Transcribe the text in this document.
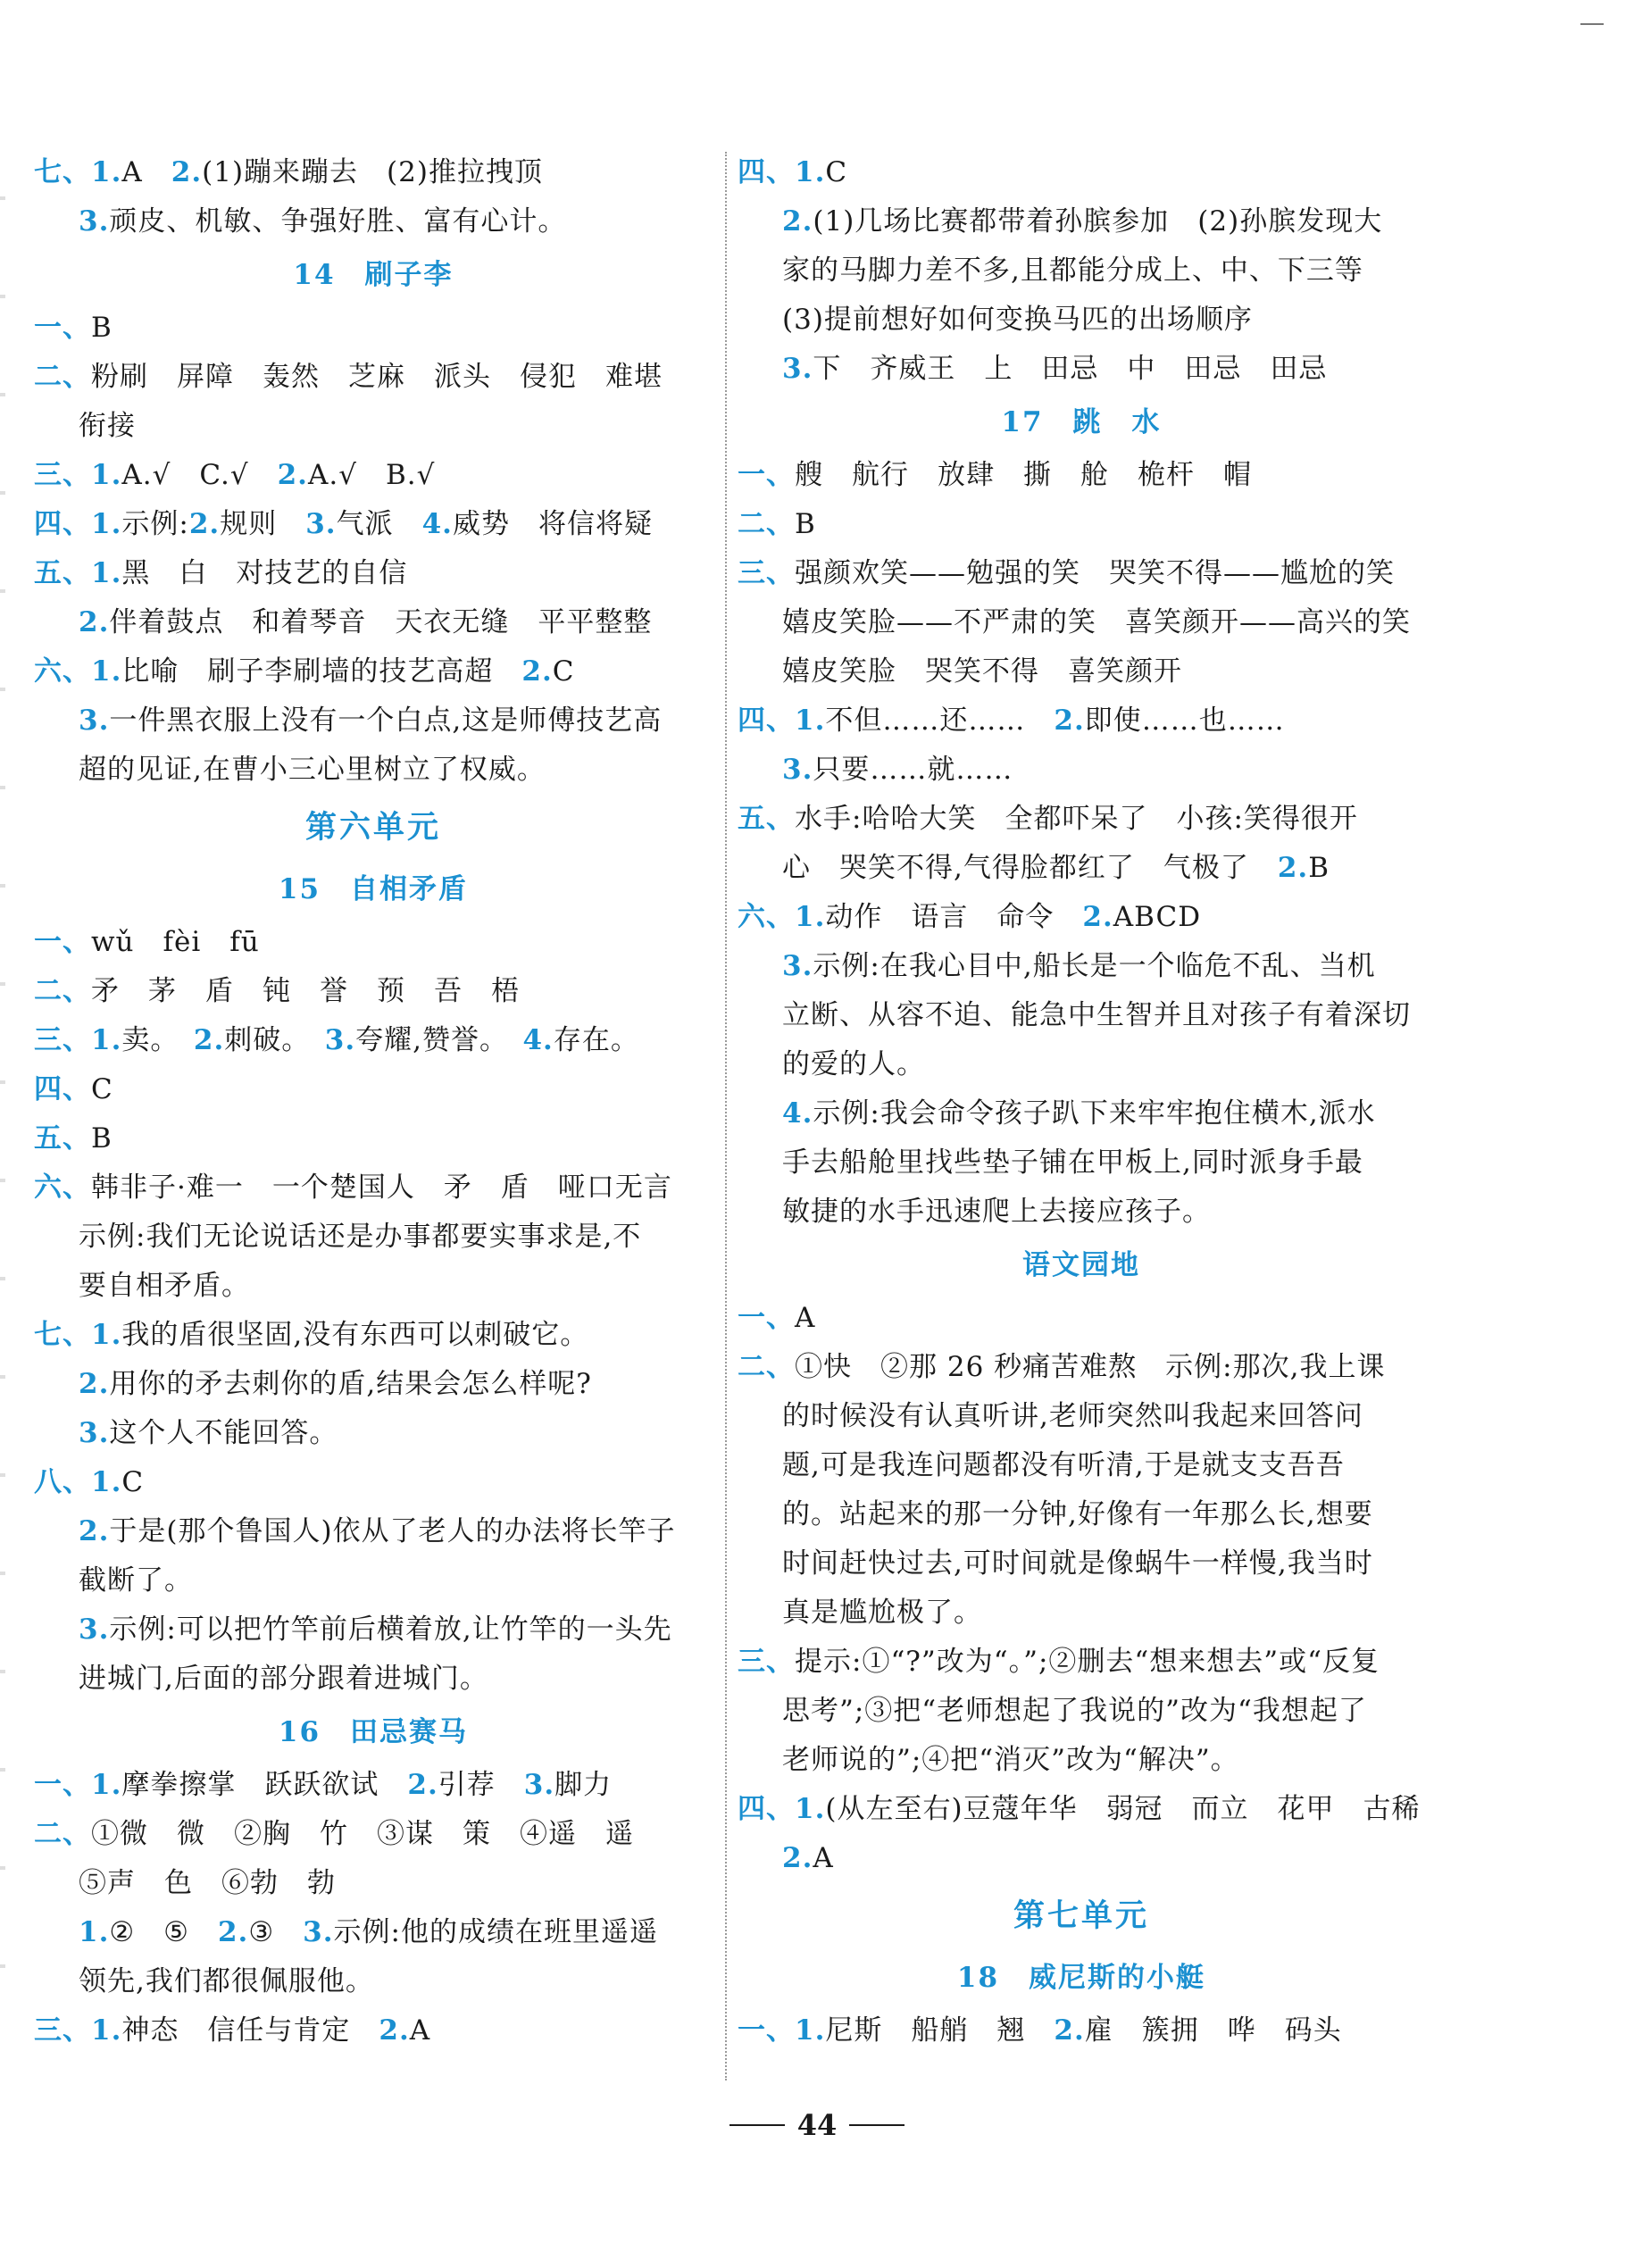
七、1.A　2.(1)蹦来蹦去　(2)推拉拽顶
3.顽皮、机敏、争强好胜、富有心计。
14　刷子李
一、B
二、粉刷　屏障　轰然　芝麻　派头　侵犯　难堪
衔接
三、1.A.√　C.√　2.A.√　B.√
四、1.示例:2.规则　3.气派　4.威势　将信将疑
五、1.黑　白　对技艺的自信
2.伴着鼓点　和着琴音　天衣无缝　平平整整
六、1.比喻　刷子李刷墙的技艺高超　2.C
3.一件黑衣服上没有一个白点,这是师傅技艺高
超的见证,在曹小三心里树立了权威。
第六单元
15　自相矛盾
一、wǔ　fèi　fū
二、矛　茅　盾　钝　誉　预　吾　梧
三、1.卖。　2.刺破。　3.夸耀,赞誉。　4.存在。
四、C
五、B
六、韩非子·难一　一个楚国人　矛　盾　哑口无言
示例:我们无论说话还是办事都要实事求是,不
要自相矛盾。
七、1.我的盾很坚固,没有东西可以刺破它。
2.用你的矛去刺你的盾,结果会怎么样呢?
3.这个人不能回答。
八、1.C
2.于是(那个鲁国人)依从了老人的办法将长竿子
截断了。
3.示例:可以把竹竿前后横着放,让竹竿的一头先
进城门,后面的部分跟着进城门。
16　田忌赛马
一、1.摩拳擦掌　跃跃欲试　2.引荐　3.脚力
二、①微　微　②胸　竹　③谋　策　④遥　遥
⑤声　色　⑥勃　勃
1.②　⑤　2.③　3.示例:他的成绩在班里遥遥
领先,我们都很佩服他。
三、1.神态　信任与肯定　2.A
四、1.C
2.(1)几场比赛都带着孙膑参加　(2)孙膑发现大
家的马脚力差不多,且都能分成上、中、下三等
(3)提前想好如何变换马匹的出场顺序
3.下　齐威王　上　田忌　中　田忌　田忌
17　跳　水
一、艘　航行　放肆　撕　舱　桅杆　帽
二、B
三、强颜欢笑——勉强的笑　哭笑不得——尴尬的笑
嬉皮笑脸——不严肃的笑　喜笑颜开——高兴的笑
嬉皮笑脸　哭笑不得　喜笑颜开
四、1.不但……还……　2.即使……也……
3.只要……就……
五、水手:哈哈大笑　全都吓呆了　小孩:笑得很开
心　哭笑不得,气得脸都红了　气极了　2.B
六、1.动作　语言　命令　2.ABCD
3.示例:在我心目中,船长是一个临危不乱、当机
立断、从容不迫、能急中生智并且对孩子有着深切
的爱的人。
4.示例:我会命令孩子趴下来牢牢抱住横木,派水
手去船舱里找些垫子铺在甲板上,同时派身手最
敏捷的水手迅速爬上去接应孩子。
语文园地
一、A
二、①快　②那 26 秒痛苦难熬　示例:那次,我上课
的时候没有认真听讲,老师突然叫我起来回答问
题,可是我连问题都没有听清,于是就支支吾吾
的。站起来的那一分钟,好像有一年那么长,想要
时间赶快过去,可时间就是像蜗牛一样慢,我当时
真是尴尬极了。
三、提示:①“?”改为“。”;②删去“想来想去”或“反复
思考”;③把“老师想起了我说的”改为“我想起了
老师说的”;④把“消灭”改为“解决”。
四、1.(从左至右)豆蔻年华　弱冠　而立　花甲　古稀
2.A
第七单元
18　威尼斯的小艇
一、1.尼斯　船艄　翘　2.雇　簇拥　哗　码头
44
